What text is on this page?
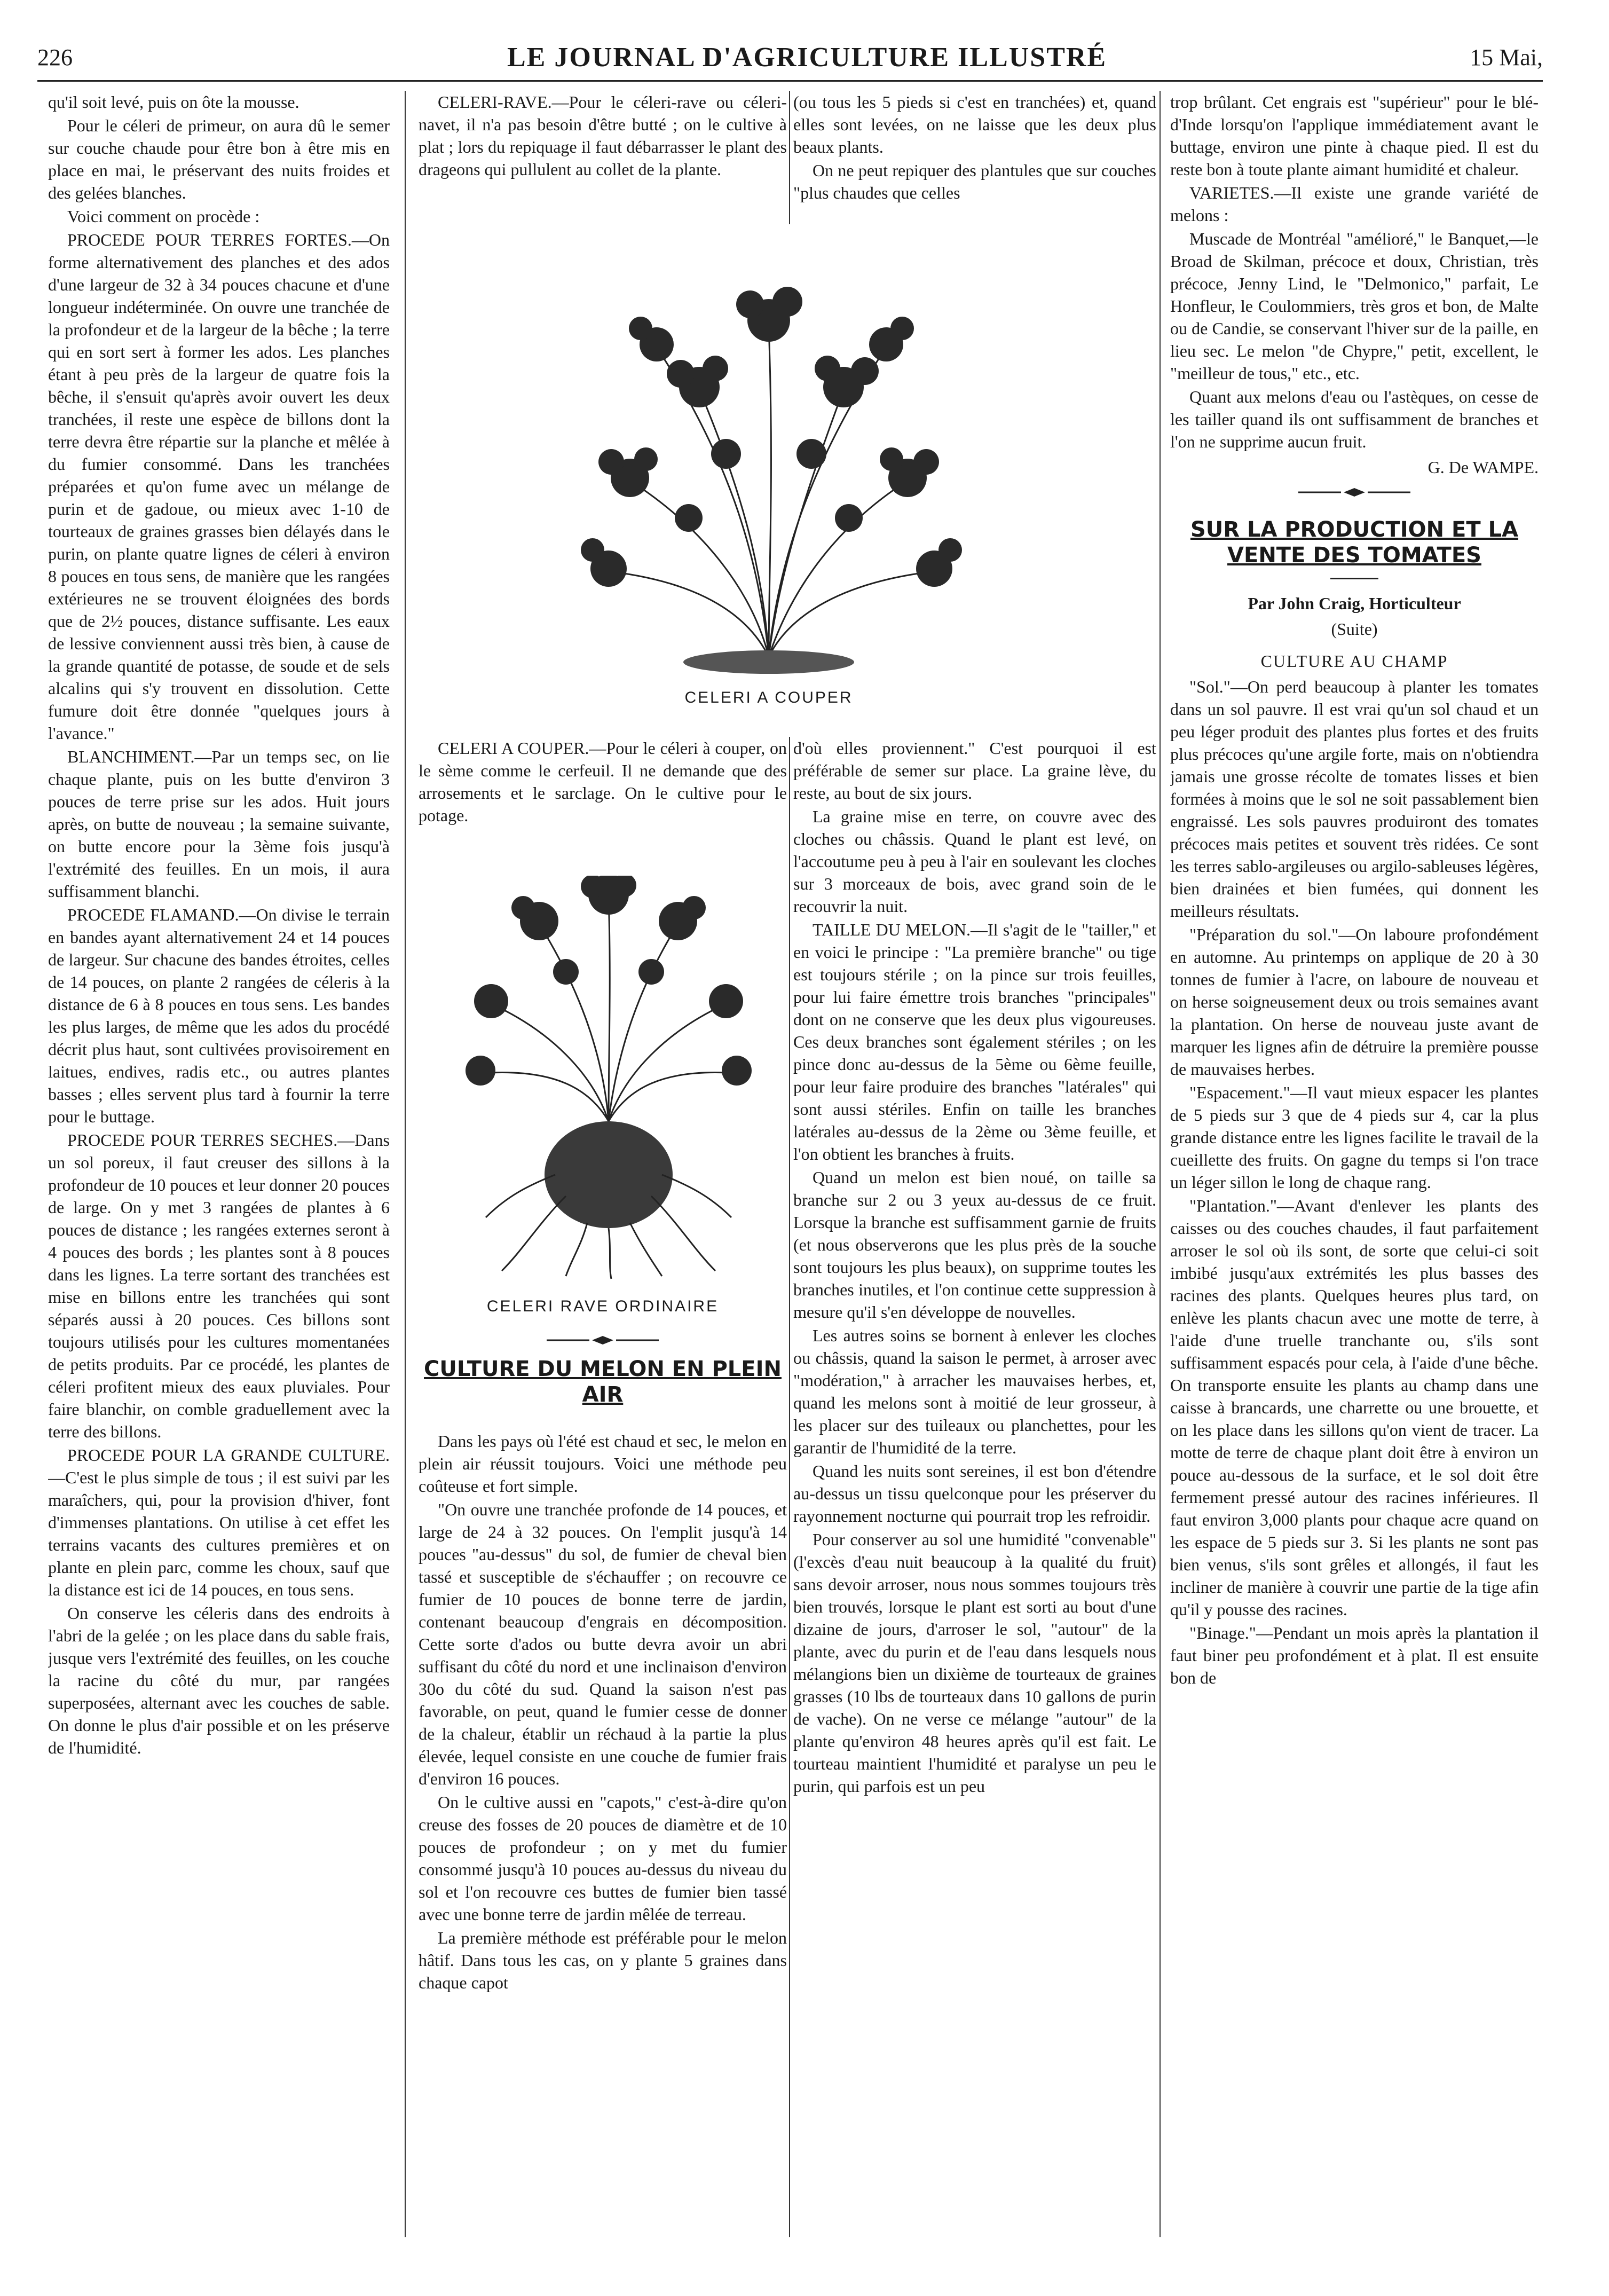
226	LE JOURNAL D'AGRICULTURE ILLUSTRÉ	15 Mai,

qu'il soit levé, puis on ôte la mousse.

Pour le céleri de primeur, on aura dû le semer sur couche chaude pour être bon à être mis en place en mai, le préservant des nuits froides et des gelées blanches.

Voici comment on procède :

PROCEDE POUR TERRES FORTES.—On forme alternativement des planches et des ados d'une largeur de 32 à 34 pouces chacune et d'une longueur indéterminée. On ouvre une tranchée de la profondeur et de la largeur de la bêche ; la terre qui en sort sert à former les ados. Les planches étant à peu près de la largeur de quatre fois la bêche, il s'ensuit qu'après avoir ouvert les deux tranchées, il reste une espèce de billons dont la terre devra être répartie sur la planche et mêlée à du fumier consommé. Dans les tranchées préparées et qu'on fume avec un mélange de purin et de gadoue, ou mieux avec 1-10 de tourteaux de graines grasses bien délayés dans le purin, on plante quatre lignes de céleri à environ 8 pouces en tous sens, de manière que les rangées extérieures ne se trouvent éloignées des bords que de 2½ pouces, distance suffisante. Les eaux de lessive conviennent aussi très bien, à cause de la grande quantité de potasse, de soude et de sels alcalins qui s'y trouvent en dissolution. Cette fumure doit être donnée "quelques jours à l'avance."

BLANCHIMENT.—Par un temps sec, on lie chaque plante, puis on les butte d'environ 3 pouces de terre prise sur les ados. Huit jours après, on butte de nouveau ; la semaine suivante, on butte encore pour la 3ème fois jusqu'à l'extrémité des feuilles. En un mois, il aura suffisamment blanchi.

PROCEDE FLAMAND.—On divise le terrain en bandes ayant alternativement 24 et 14 pouces de largeur. Sur chacune des bandes étroites, celles de 14 pouces, on plante 2 rangées de céleris à la distance de 6 à 8 pouces en tous sens. Les bandes les plus larges, de même que les ados du procédé décrit plus haut, sont cultivées provisoirement en laitues, endives, radis etc., ou autres plantes basses ; elles servent plus tard à fournir la terre pour le buttage.

PROCEDE POUR TERRES SECHES.—Dans un sol poreux, il faut creuser des sillons à la profondeur de 10 pouces et leur donner 20 pouces de large. On y met 3 rangées de plantes à 6 pouces de distance ; les rangées externes seront à 4 pouces des bords ; les plantes sont à 8 pouces dans les lignes. La terre sortant des tranchées est mise en billons entre les tranchées qui sont séparés aussi à 20 pouces. Ces billons sont toujours utilisés pour les cultures momentanées de petits produits. Par ce procédé, les plantes de céleri profitent mieux des eaux pluviales. Pour faire blanchir, on comble graduellement avec la terre des billons.

PROCEDE POUR LA GRANDE CULTURE.—C'est le plus simple de tous ; il est suivi par les maraîchers, qui, pour la provision d'hiver, font d'immenses plantations. On utilise à cet effet les terrains vacants des cultures premières et on plante en plein parc, comme les choux, sauf que la distance est ici de 14 pouces, en tous sens.

On conserve les céleris dans des endroits à l'abri de la gelée ; on les place dans du sable frais, jusque vers l'extrémité des feuilles, on les couche la racine du côté du mur, par rangées superposées, alternant avec les couches de sable. On donne le plus d'air possible et on les préserve de l'humidité.

CELERI-RAVE.—Pour le céleri-rave ou céleri-navet, il n'a pas besoin d'être butté ; on le cultive à plat ; lors du repiquage il faut débarrasser le plant des drageons qui pullulent au collet de la plante.

(ou tous les 5 pieds si c'est en tranchées) et, quand elles sont levées, on ne laisse que les deux plus beaux plants.

On ne peut repiquer des plantules que sur couches "plus chaudes que celles

CELERI A COUPER

CELERI A COUPER.—Pour le céleri à couper, on le sème comme le cerfeuil. Il ne demande que des arrosements et le sarclage. On le cultive pour le potage.

CELERI RAVE ORDINAIRE

CULTURE DU MELON EN PLEIN AIR

Dans les pays où l'été est chaud et sec, le melon en plein air réussit toujours. Voici une méthode peu coûteuse et fort simple.

"On ouvre une tranchée profonde de 14 pouces, et large de 24 à 32 pouces. On l'emplit jusqu'à 14 pouces "au-dessus" du sol, de fumier de cheval bien tassé et susceptible de s'échauffer ; on recouvre ce fumier de 10 pouces de bonne terre de jardin, contenant beaucoup d'engrais en décomposition. Cette sorte d'ados ou butte devra avoir un abri suffisant du côté du nord et une inclinaison d'environ 30o du côté du sud. Quand la saison n'est pas favorable, on peut, quand le fumier cesse de donner de la chaleur, établir un réchaud à la partie la plus élevée, lequel consiste en une couche de fumier frais d'environ 16 pouces.

On le cultive aussi en "capots," c'est-à-dire qu'on creuse des fosses de 20 pouces de diamètre et de 10 pouces de profondeur ; on y met du fumier consommé jusqu'à 10 pouces au-dessus du niveau du sol et l'on recouvre ces buttes de fumier bien tassé avec une bonne terre de jardin mêlée de terreau.

La première méthode est préférable pour le melon hâtif. Dans tous les cas, on y plante 5 graines dans chaque capot

d'où elles proviennent." C'est pourquoi il est préférable de semer sur place. La graine lève, du reste, au bout de six jours.

La graine mise en terre, on couvre avec des cloches ou châssis. Quand le plant est levé, on l'accoutume peu à peu à l'air en soulevant les cloches sur 3 morceaux de bois, avec grand soin de le recouvrir la nuit.

TAILLE DU MELON.—Il s'agit de le "tailler," et en voici le principe : "La première branche" ou tige est toujours stérile ; on la pince sur trois feuilles, pour lui faire émettre trois branches "principales" dont on ne conserve que les deux plus vigoureuses. Ces deux branches sont également stériles ; on les pince donc au-dessus de la 5ème ou 6ème feuille, pour leur faire produire des branches "latérales" qui sont aussi stériles. Enfin on taille les branches latérales au-dessus de la 2ème ou 3ème feuille, et l'on obtient les branches à fruits.

Quand un melon est bien noué, on taille sa branche sur 2 ou 3 yeux au-dessus de ce fruit. Lorsque la branche est suffisamment garnie de fruits (et nous observerons que les plus près de la souche sont toujours les plus beaux), on supprime toutes les branches inutiles, et l'on continue cette suppression à mesure qu'il s'en développe de nouvelles.

Les autres soins se bornent à enlever les cloches ou châssis, quand la saison le permet, à arroser avec "modération," à arracher les mauvaises herbes, et, quand les melons sont à moitié de leur grosseur, à les placer sur des tuileaux ou planchettes, pour les garantir de l'humidité de la terre.

Quand les nuits sont sereines, il est bon d'étendre au-dessus un tissu quelconque pour les préserver du rayonnement nocturne qui pourrait trop les refroidir.

Pour conserver au sol une humidité "convenable" (l'excès d'eau nuit beaucoup à la qualité du fruit) sans devoir arroser, nous nous sommes toujours très bien trouvés, lorsque le plant est sorti au bout d'une dizaine de jours, d'arroser le sol, "autour" de la plante, avec du purin et de l'eau dans lesquels nous mélangions bien un dixième de tourteaux de graines grasses (10 lbs de tourteaux dans 10 gallons de purin de vache). On ne verse ce mélange "autour" de la plante qu'environ 48 heures après qu'il est fait. Le tourteau maintient l'humidité et paralyse un peu le purin, qui parfois est un peu

trop brûlant. Cet engrais est "supérieur" pour le blé-d'Inde lorsqu'on l'applique immédiatement avant le buttage, environ une pinte à chaque pied. Il est du reste bon à toute plante aimant humidité et chaleur.

VARIETES.—Il existe une grande variété de melons :

Muscade de Montréal "amélioré," le Banquet,—le Broad de Skilman, précoce et doux, Christian, très précoce, Jenny Lind, le "Delmonico," parfait, Le Honfleur, le Coulommiers, très gros et bon, de Malte ou de Candie, se conservant l'hiver sur de la paille, en lieu sec. Le melon "de Chypre," petit, excellent, le "meilleur de tous," etc., etc.

Quant aux melons d'eau ou l'astèques, on cesse de les tailler quand ils ont suffisamment de branches et l'on ne supprime aucun fruit.

G. De WAMPE.

SUR LA PRODUCTION ET LA VENTE DES TOMATES

Par John Craig, Horticulteur
(Suite)
CULTURE AU CHAMP

"Sol."—On perd beaucoup à planter les tomates dans un sol pauvre. Il est vrai qu'un sol chaud et un peu léger produit des plantes plus fortes et des fruits plus précoces qu'une argile forte, mais on n'obtiendra jamais une grosse récolte de tomates lisses et bien formées à moins que le sol ne soit passablement bien engraissé. Les sols pauvres produiront des tomates précoces mais petites et souvent très ridées. Ce sont les terres sablo-argileuses ou argilo-sableuses légères, bien drainées et bien fumées, qui donnent les meilleurs résultats.

"Préparation du sol."—On laboure profondément en automne. Au printemps on applique de 20 à 30 tonnes de fumier à l'acre, on laboure de nouveau et on herse soigneusement deux ou trois semaines avant la plantation. On herse de nouveau juste avant de marquer les lignes afin de détruire la première pousse de mauvaises herbes.

"Espacement."—Il vaut mieux espacer les plantes de 5 pieds sur 3 que de 4 pieds sur 4, car la plus grande distance entre les lignes facilite le travail de la cueillette des fruits. On gagne du temps si l'on trace un léger sillon le long de chaque rang.

"Plantation."—Avant d'enlever les plants des caisses ou des couches chaudes, il faut parfaitement arroser le sol où ils sont, de sorte que celui-ci soit imbibé jusqu'aux extrémités les plus basses des racines des plants. Quelques heures plus tard, on enlève les plants chacun avec une motte de terre, à l'aide d'une truelle tranchante ou, s'ils sont suffisamment espacés pour cela, à l'aide d'une bêche. On transporte ensuite les plants au champ dans une caisse à brancards, une charrette ou une brouette, et on les place dans les sillons qu'on vient de tracer. La motte de terre de chaque plant doit être à environ un pouce au-dessous de la surface, et le sol doit être fermement pressé autour des racines inférieures. Il faut environ 3,000 plants pour chaque acre quand on les espace de 5 pieds sur 3. Si les plants ne sont pas bien venus, s'ils sont grêles et allongés, il faut les incliner de manière à couvrir une partie de la tige afin qu'il y pousse des racines.

"Binage."—Pendant un mois après la plantation il faut biner peu profondément et à plat. Il est ensuite bon de
